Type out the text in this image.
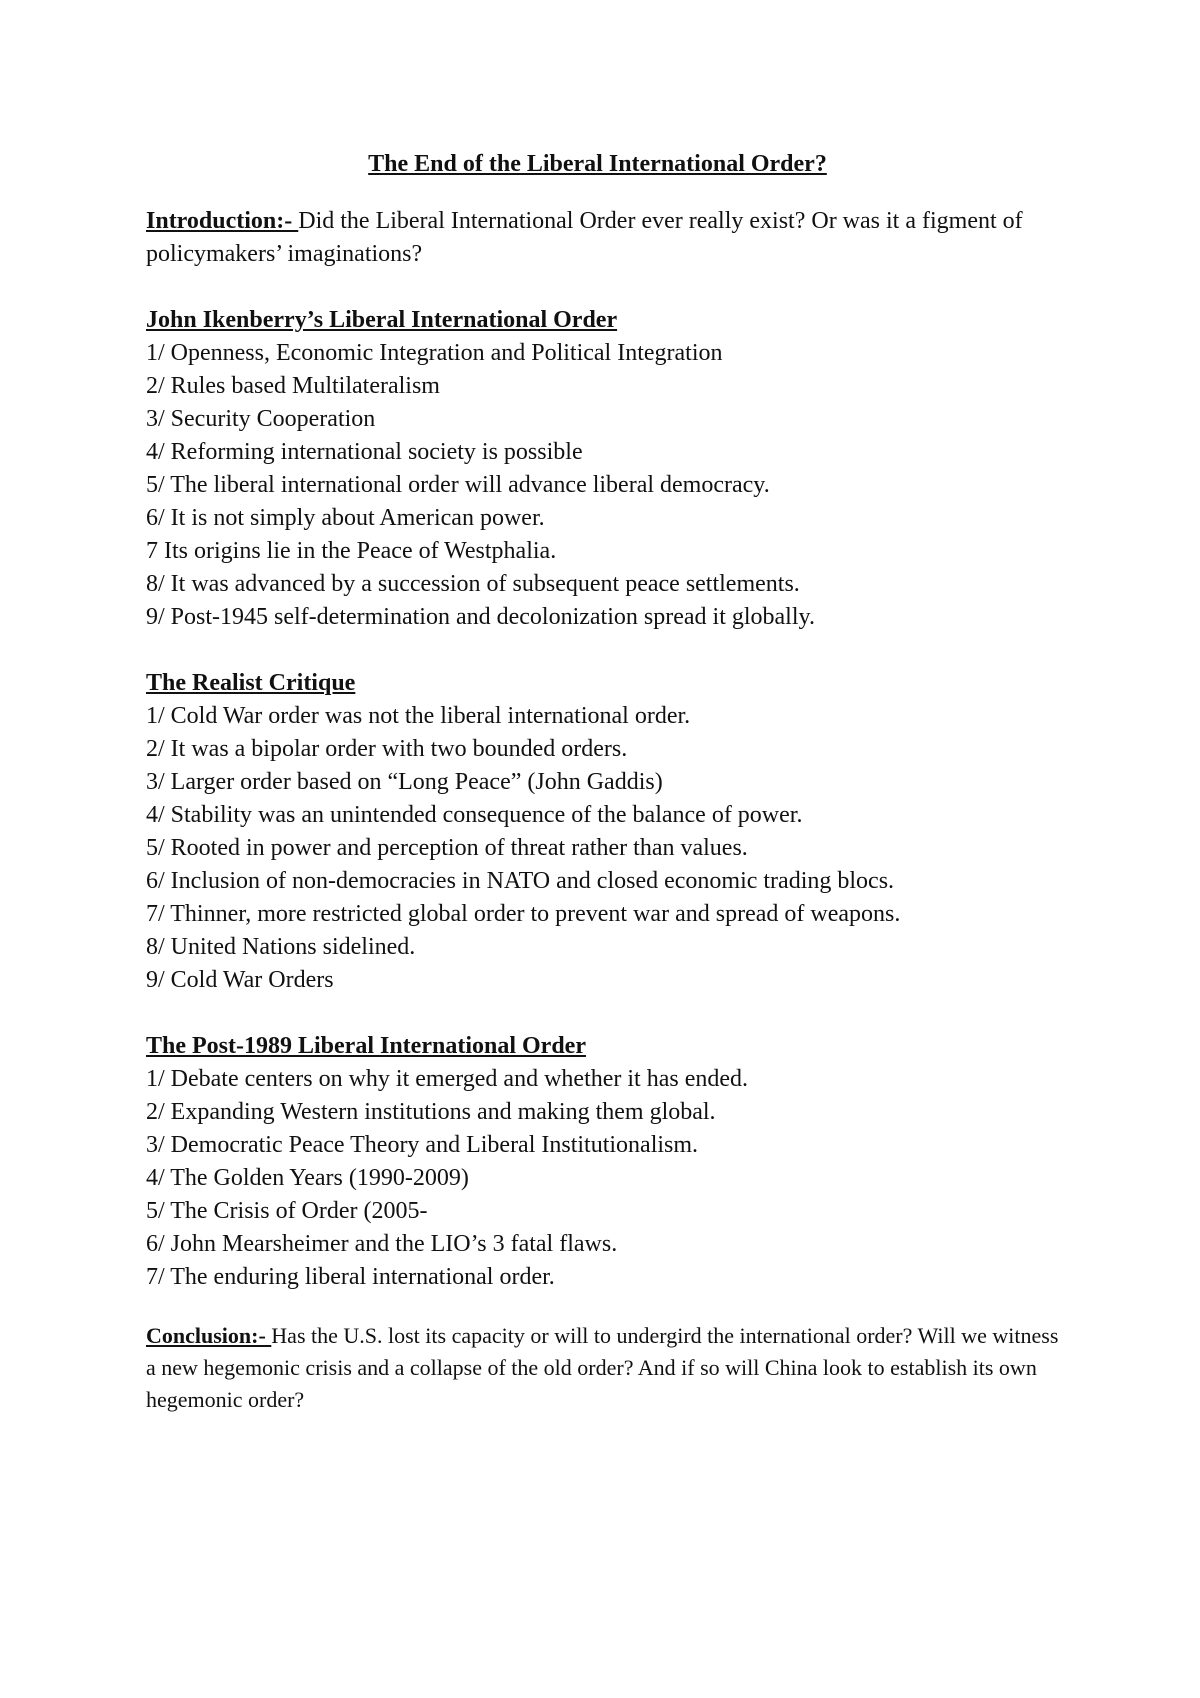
The End of the Liberal International Order?

Introduction:- Did the Liberal International Order ever really exist? Or was it a figment of policymakers’ imaginations?

John Ikenberry’s Liberal International Order

1/ Openness, Economic Integration and Political Integration
2/ Rules based Multilateralism
3/ Security Cooperation
4/ Reforming international society is possible
5/ The liberal international order will advance liberal democracy.
6/ It is not simply about American power.
7 Its origins lie in the Peace of Westphalia.
8/ It was advanced by a succession of subsequent peace settlements.
9/ Post-1945 self-determination and decolonization spread it globally.

The Realist Critique

1/ Cold War order was not the liberal international order.
2/ It was a bipolar order with two bounded orders.
3/ Larger order based on “Long Peace” (John Gaddis)
4/ Stability was an unintended consequence of the balance of power.
5/ Rooted in power and perception of threat rather than values.
6/ Inclusion of non-democracies in NATO and closed economic trading blocs.
7/ Thinner, more restricted global order to prevent war and spread of weapons.
8/ United Nations sidelined.
9/ Cold War Orders

The Post-1989 Liberal International Order

1/ Debate centers on why it emerged and whether it has ended.
2/ Expanding Western institutions and making them global.
3/ Democratic Peace Theory and Liberal Institutionalism.
4/ The Golden Years (1990-2009)
5/ The Crisis of Order (2005-
6/ John Mearsheimer and the LIO’s 3 fatal flaws.
7/ The enduring liberal international order.

Conclusion:- Has the U.S. lost its capacity or will to undergird the international order? Will we witness a new hegemonic crisis and a collapse of the old order? And if so will China look to establish its own hegemonic order?
